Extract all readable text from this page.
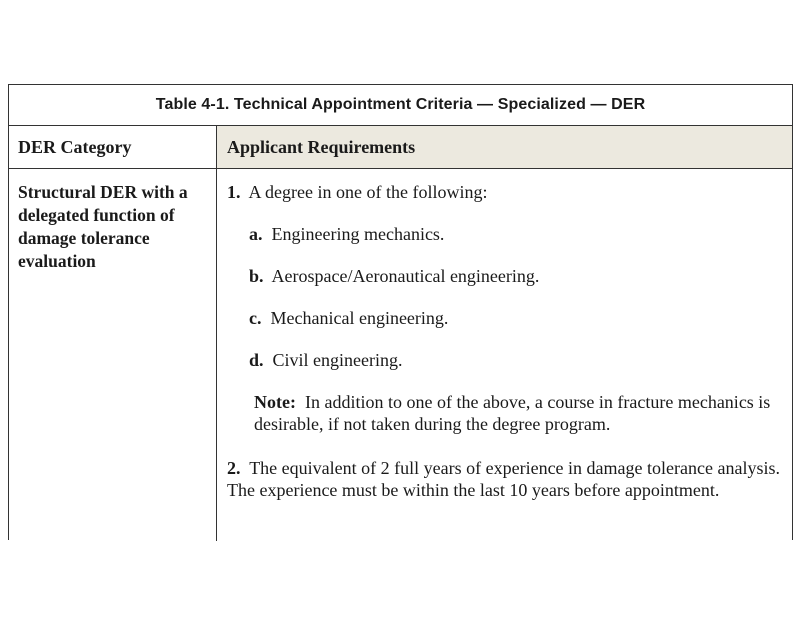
Table 4-1. Technical Appointment Criteria — Specialized — DER
DER Category	Applicant Requirements
Structural DER with a delegated function of damage tolerance evaluation
1. A degree in one of the following:
a. Engineering mechanics.
b. Aerospace/Aeronautical engineering.
c. Mechanical engineering.
d. Civil engineering.
Note: In addition to one of the above, a course in fracture mechanics is desirable, if not taken during the degree program.
2. The equivalent of 2 full years of experience in damage tolerance analysis. The experience must be within the last 10 years before appointment.
